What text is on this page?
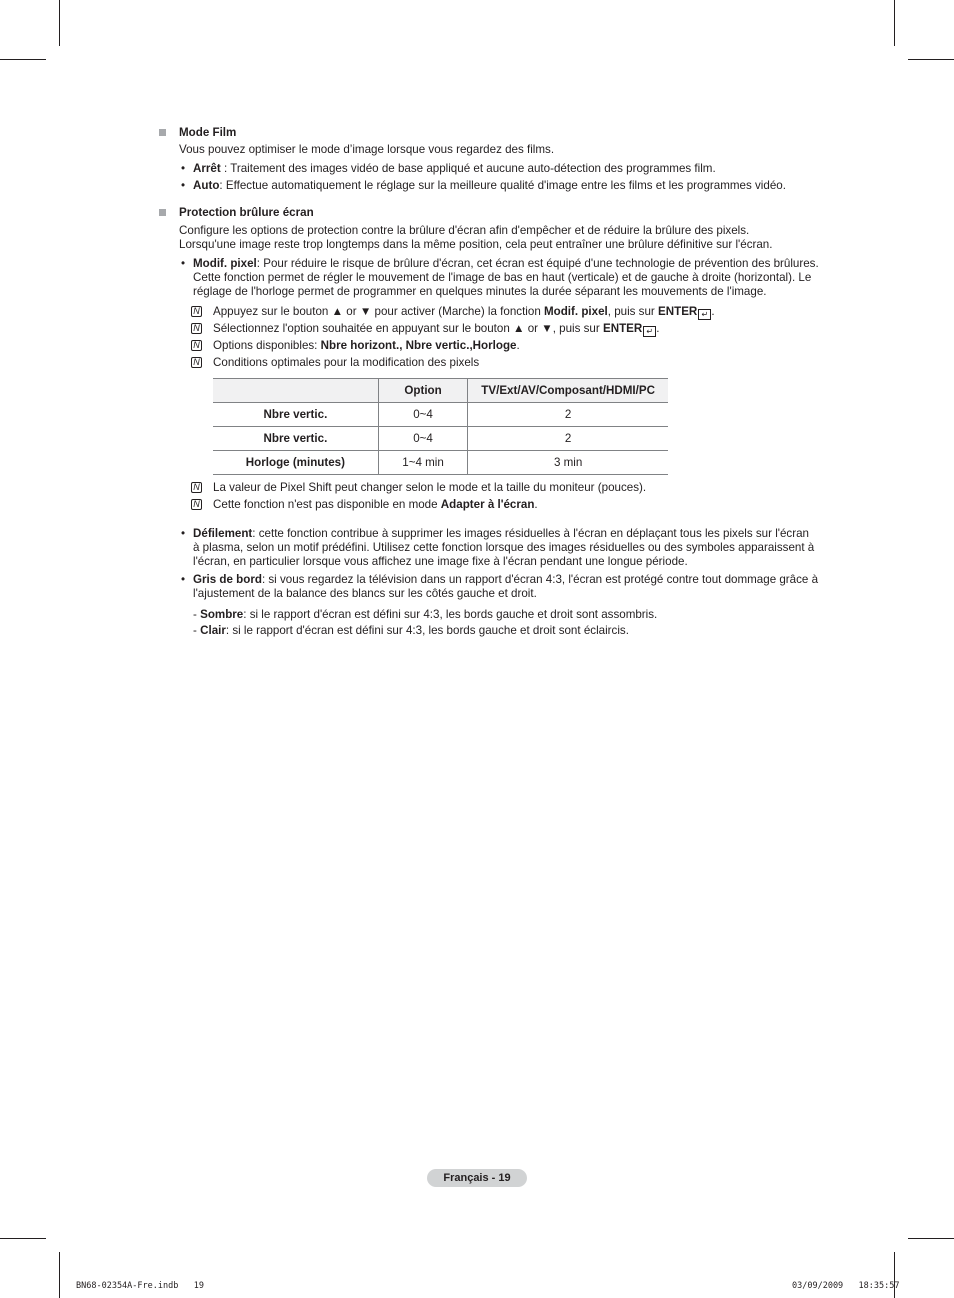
Mode Film
Vous pouvez optimiser le mode d’image lorsque vous regardez des films.
• Arrêt : Traitement des images vidéo de base appliqué et aucune auto-détection des programmes film.
• Auto: Effectue automatiquement le réglage sur la meilleure qualité d'image entre les films et les programmes vidéo.
Protection brûlure écran
Configure les options de protection contre la brûlure d'écran afin d'empêcher et de réduire la brûlure des pixels.
Lorsqu'une image reste trop longtemps dans la même position, cela peut entraîner une brûlure définitive sur l'écran.
• Modif. pixel: Pour réduire le risque de brûlure d'écran, cet écran est équipé d'une technologie de prévention des brûlures.
Cette fonction permet de régler le mouvement de l'image de bas en haut (verticale) et de gauche à droite (horizontal). Le
réglage de l'horloge permet de programmer en quelques minutes la durée séparant les mouvements de l'image.
N Appuyez sur le bouton ▲ or ▼ pour activer (Marche) la fonction Modif. pixel, puis sur ENTER ↵ .
N Sélectionnez l'option souhaitée en appuyant sur le bouton ▲ or ▼, puis sur ENTER ↵ .
N Options disponibles: Nbre horizont., Nbre vertic.,Horloge.
N Conditions optimales pour la modification des pixels
	Option	TV/Ext/AV/Composant/HDMI/PC
Nbre vertic.	0~4	2
Nbre vertic.	0~4	2
Horloge (minutes)	1~4 min	3 min
N La valeur de Pixel Shift peut changer selon le mode et la taille du moniteur (pouces).
N Cette fonction n'est pas disponible en mode Adapter à l'écran.
• Défilement: cette fonction contribue à supprimer les images résiduelles à l'écran en déplaçant tous les pixels sur l'écran
à plasma, selon un motif prédéfini. Utilisez cette fonction lorsque des images résiduelles ou des symboles apparaissent à
l'écran, en particulier lorsque vous affichez une image fixe à l'écran pendant une longue période.
• Gris de bord: si vous regardez la télévision dans un rapport d'écran 4:3, l'écran est protégé contre tout dommage grâce à
l'ajustement de la balance des blancs sur les côtés gauche et droit.
- Sombre: si le rapport d'écran est défini sur 4:3, les bords gauche et droit sont assombris.
- Clair: si le rapport d'écran est défini sur 4:3, les bords gauche et droit sont éclaircis.
Français - 19
BN68-02354A-Fre.indb   19	03/09/2009   18:35:57
